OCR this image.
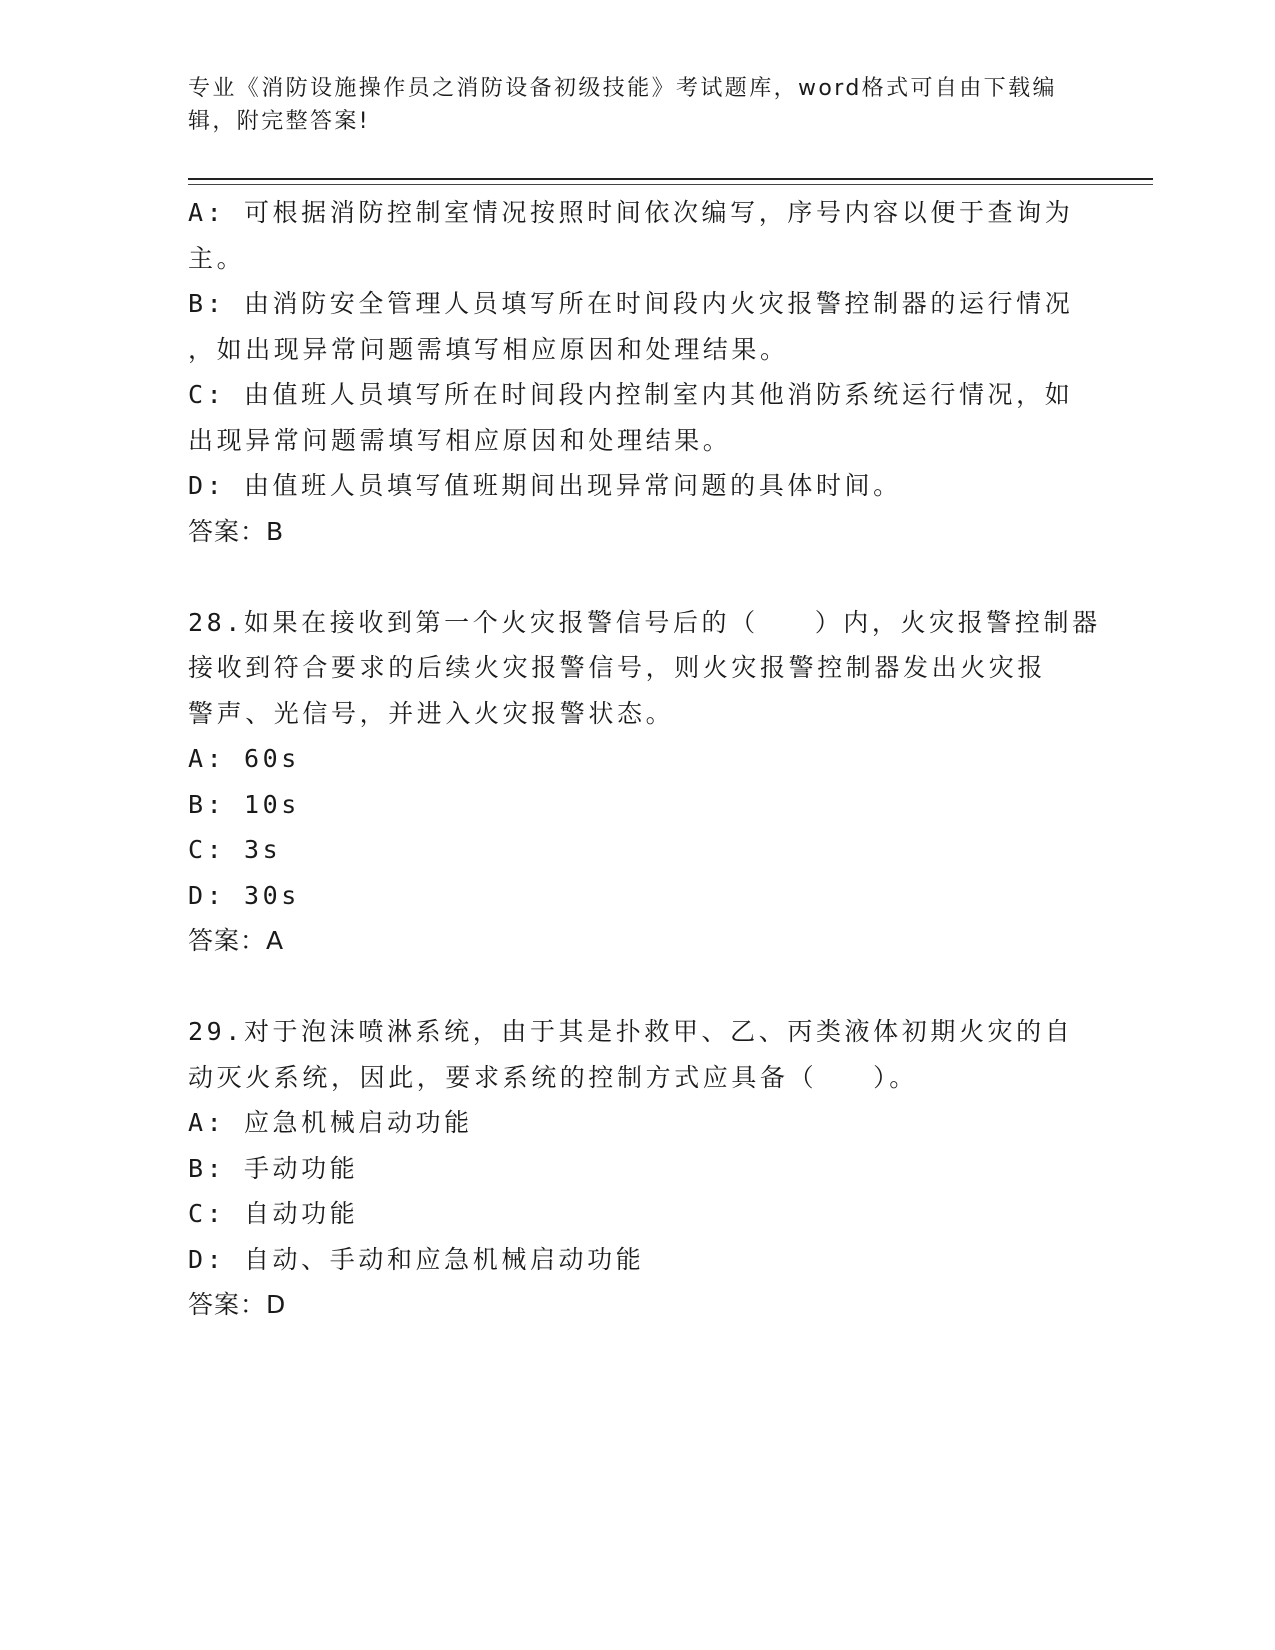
专业《消防设施操作员之消防设备初级技能》考试题库，word格式可自由下载编
辑，附完整答案!
A: 可根据消防控制室情况按照时间依次编写，序号内容以便于查询为
主。
B: 由消防安全管理人员填写所在时间段内火灾报警控制器的运行情况
，如出现异常问题需填写相应原因和处理结果。
C: 由值班人员填写所在时间段内控制室内其他消防系统运行情况，如
出现异常问题需填写相应原因和处理结果。
D: 由值班人员填写值班期间出现异常问题的具体时间。
答案：B
28.如果在接收到第一个火灾报警信号后的（   ）内，火灾报警控制器
接收到符合要求的后续火灾报警信号，则火灾报警控制器发出火灾报
警声、光信号，并进入火灾报警状态。
A: 60s
B: 10s
C: 3s
D: 30s
答案：A
29.对于泡沫喷淋系统，由于其是扑救甲、乙、丙类液体初期火灾的自
动灭火系统，因此，要求系统的控制方式应具备（   ）。
A: 应急机械启动功能
B: 手动功能
C: 自动功能
D: 自动、手动和应急机械启动功能
答案：D
